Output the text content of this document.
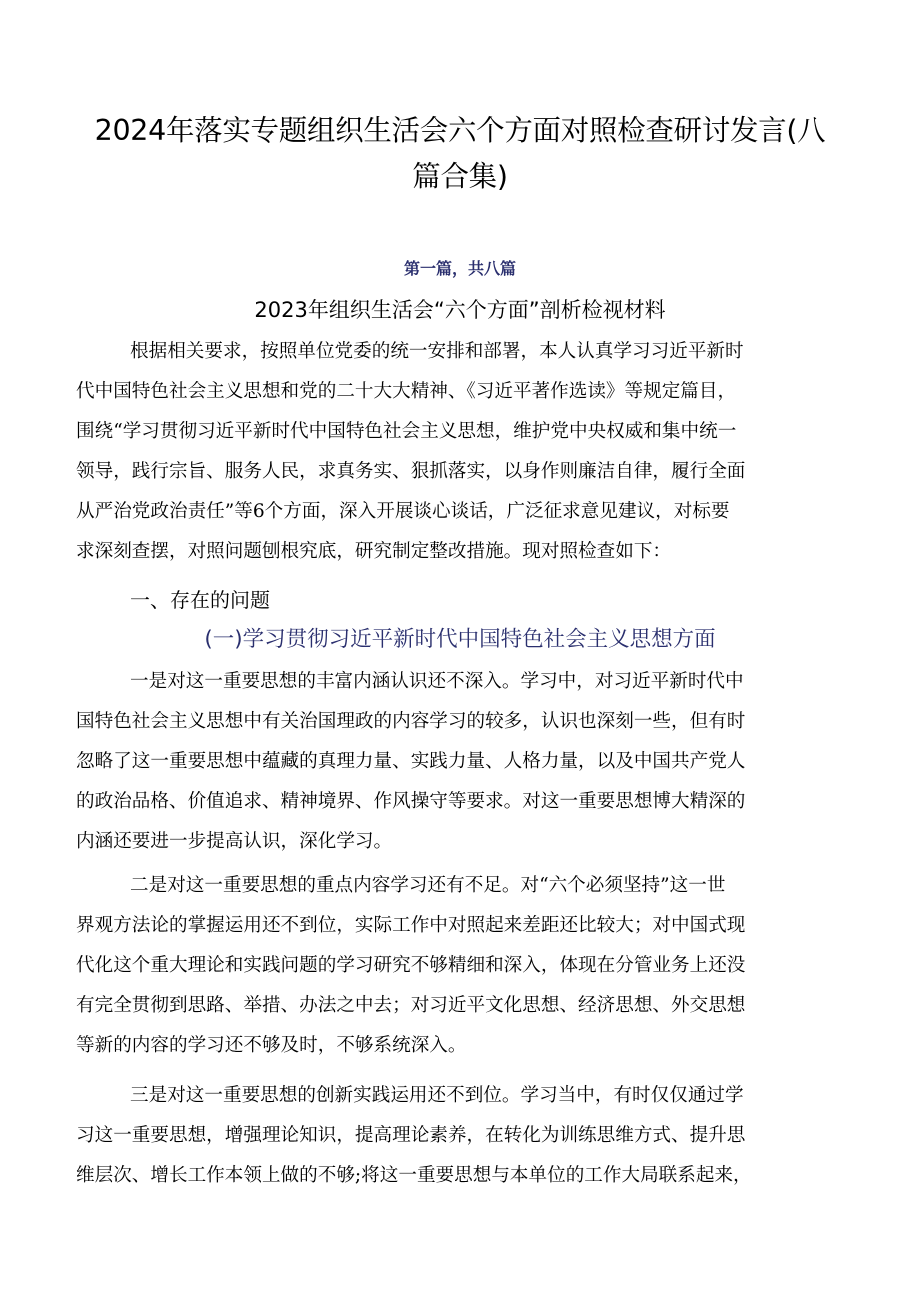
2024年落实专题组织生活会六个方面对照检查研讨发言(八
篇合集)

第一篇，共八篇

2023年组织生活会“六个方面”剖析检视材料
根据相关要求，按照单位党委的统一安排和部署，本人认真学习习近平新时
代中国特色社会主义思想和党的二十大大精神、《习近平著作选读》等规定篇目，
围绕“学习贯彻习近平新时代中国特色社会主义思想，维护党中央权威和集中统一
领导，践行宗旨、服务人民，求真务实、狠抓落实，以身作则廉洁自律，履行全面
从严治党政治责任”等6个方面，深入开展谈心谈话，广泛征求意见建议，对标要
求深刻查摆，对照问题刨根究底，研究制定整改措施。现对照检查如下：
一、存在的问题
(一)学习贯彻习近平新时代中国特色社会主义思想方面
一是对这一重要思想的丰富内涵认识还不深入。学习中，对习近平新时代中
国特色社会主义思想中有关治国理政的内容学习的较多，认识也深刻一些，但有时
忽略了这一重要思想中蕴藏的真理力量、实践力量、人格力量，以及中国共产党人
的政治品格、价值追求、精神境界、作风操守等要求。对这一重要思想博大精深的
内涵还要进一步提高认识，深化学习。
二是对这一重要思想的重点内容学习还有不足。对“六个必须坚持”这一世
界观方法论的掌握运用还不到位，实际工作中对照起来差距还比较大；对中国式现
代化这个重大理论和实践问题的学习研究不够精细和深入，体现在分管业务上还没
有完全贯彻到思路、举措、办法之中去；对习近平文化思想、经济思想、外交思想
等新的内容的学习还不够及时，不够系统深入。
三是对这一重要思想的创新实践运用还不到位。学习当中，有时仅仅通过学
习这一重要思想，增强理论知识，提高理论素养，在转化为训练思维方式、提升思
维层次、增长工作本领上做的不够;将这一重要思想与本单位的工作大局联系起来，
